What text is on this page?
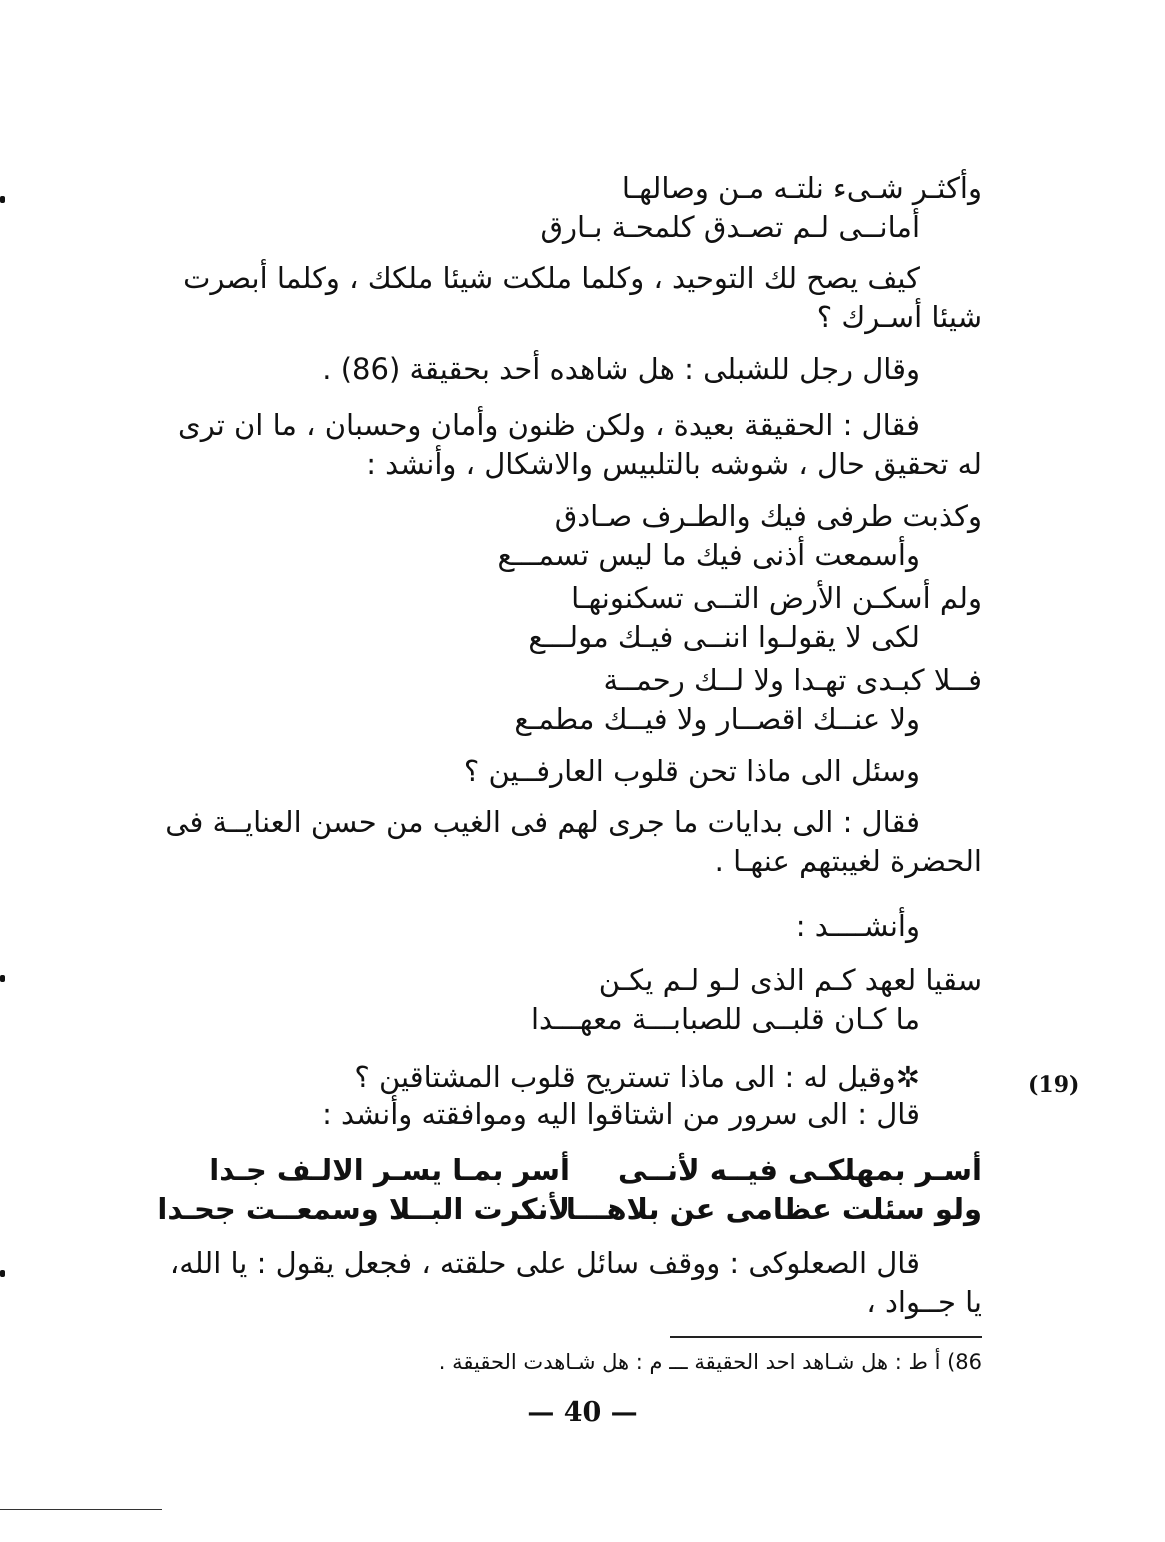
وأكثـر شـىء نلتـه مـن وصالهـا
أمانــى لـم تصـدق كلمحـة بـارق
كيف يصح لك التوحيد ، وكلما ملكت شيئا ملكك ، وكلما أبصرت
شيئا أسـرك ؟
وقال رجل للشبلى : هل شاهده أحد بحقيقة (86) .
فقال : الحقيقة بعيدة ، ولكن ظنون وأمان وحسبان ، ما ان ترى
له تحقيق حال ، شوشه بالتلبيس والاشكال ، وأنشد :
وكذبت طرفى فيك والطـرف صـادق
وأسمعت أذنى فيك ما ليس تسمـــع
ولم أسكـن الأرض التــى تسكنونهـا
لكى لا يقولـوا اننــى فيـك مولـــع
فــلا كبـدى تهـدا ولا لــك رحمــة
ولا عنــك اقصــار ولا فيــك مطمـع
وسئل الى ماذا تحن قلوب العارفــين ؟
فقال : الى بدايات ما جرى لهم فى الغيب من حسن العنايــة فى
الحضرة لغيبتهم عنهـا .
وأنشــــد :
سقيا لعهد كـم الذى لـو لـم يكـن
ما كـان قلبــى للصبابـــة معهـــدا
✲وقيل له : الى ماذا تستريح قلوب المشتاقين ؟
قال : الى سرور من اشتاقوا اليه وموافقته وأنشد :
أسـر بمهلكـى فيــه لأنــى
أسر بمـا يسـر الالـف جـدا
ولو سئلت عظامى عن بلاهـــا
لأنكرت البــلا وسمعــت جحـدا
قال الصعلوكى : ووقف سائل على حلقته ، فجعل يقول : يا الله،
يا جــواد ،
(19)
86) أ ط : هل شـاهد احد الحقيقة ـــ م : هل شـاهدت الحقيقة .
— 40 —
